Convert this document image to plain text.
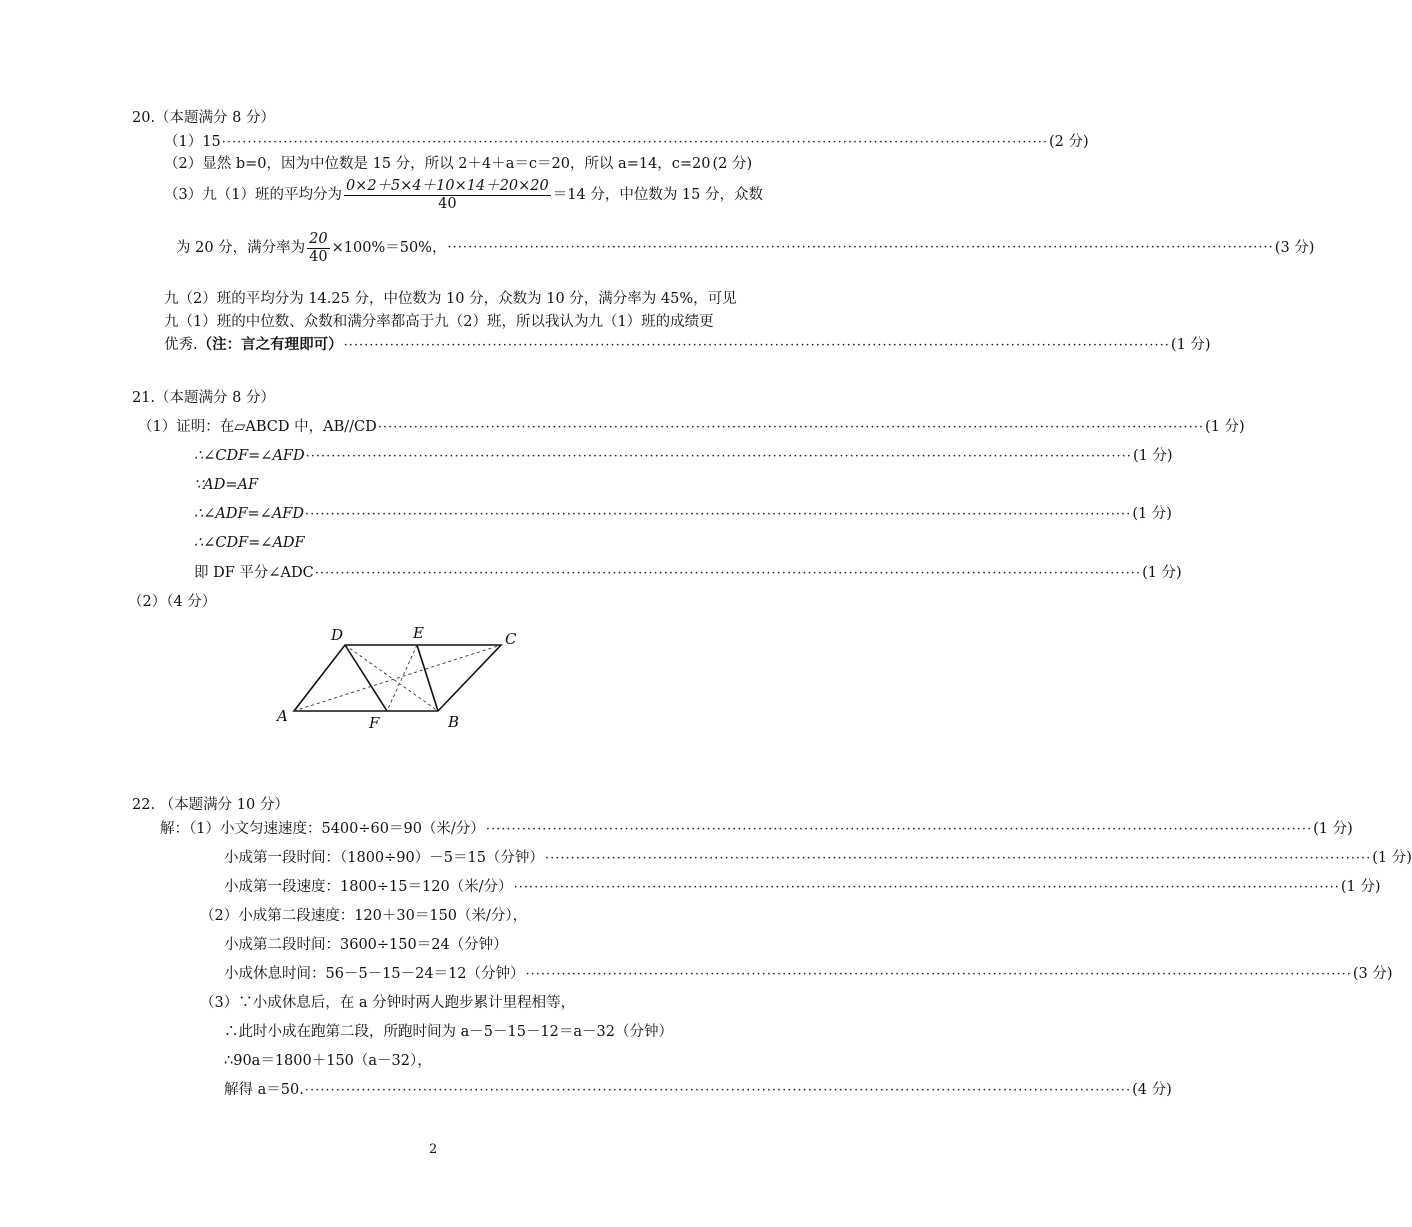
20.（本题满分 8 分）
（1）15 ································································································································································· (2 分)
（2）显然 b=0，因为中位数是 15 分，所以 2＋4＋a＝c＝20，所以 a=14，c=20 (2 分)
（3）九（1）班的平均分为 $\frac{0\times 2+5\times 4+10\times 14+20\times 20}{40} =14$ 分，中位数为 15 分，众数
为 20 分，满分率为 $\frac{20}{40} \times 100\%=50\%$， ································································································································································· (3 分)
九（2）班的平均分为 14.25 分，中位数为 10 分，众数为 10 分，满分率为 45%，可见
九（1）班的中位数、众数和满分率都高于九（2）班，所以我认为九（1）班的成绩更
优秀. （注：言之有理即可） ································································································································································· (1 分)
21.（本题满分 8 分）
（1）证明：在▱ABCD 中，AB//CD ································································································································································· (1 分)
∴∠CDF=∠AFD ································································································································································· (1 分)
∵AD=AF
∴∠ADF=∠AFD ································································································································································· (1 分)
∴∠CDF=∠ADF
即 DF 平分∠ADC ································································································································································· (1 分)
（2）（4 分）
A	B
C
D	E
F
22. （本题满分 10 分）
解：（1）小文匀速速度：5400÷60＝90（米/分） ································································································································································· (1 分)
小成第一段时间：（1800÷90）－5＝15（分钟） ································································································································································· (1 分)
小成第一段速度：1800÷15＝120（米/分） ································································································································································· (1 分)
（2）小成第二段速度：120＋30＝150（米/分），
小成第二段时间：3600÷150＝24（分钟）
小成休息时间：56－5－15－24＝12（分钟） ································································································································································· (3 分)
（3）∵小成休息后，在 a 分钟时两人跑步累计里程相等，
∴此时小成在跑第二段，所跑时间为 a－5－15－12＝a－32（分钟）
∴90a＝1800＋150（a－32），
解得 a＝50. ································································································································································· (4 分)
2
